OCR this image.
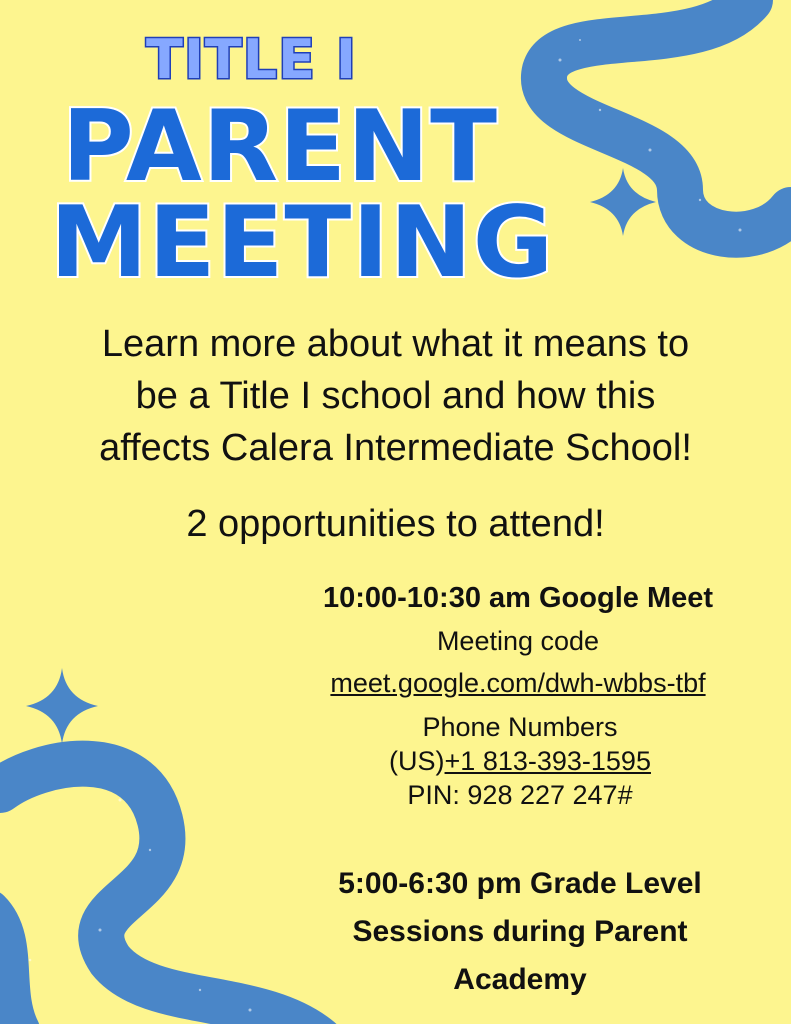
TITLE I
PARENT
MEETING
Learn more about what it means to
be a Title I school and how this
affects Calera Intermediate School!
2 opportunities to attend!
10:00-10:30 am Google Meet
Meeting code
meet.google.com/dwh-wbbs-tbf
Phone Numbers
(US)+1 813-393-1595
PIN: 928 227 247#
5:00-6:30 pm Grade Level
Sessions during Parent
Academy
